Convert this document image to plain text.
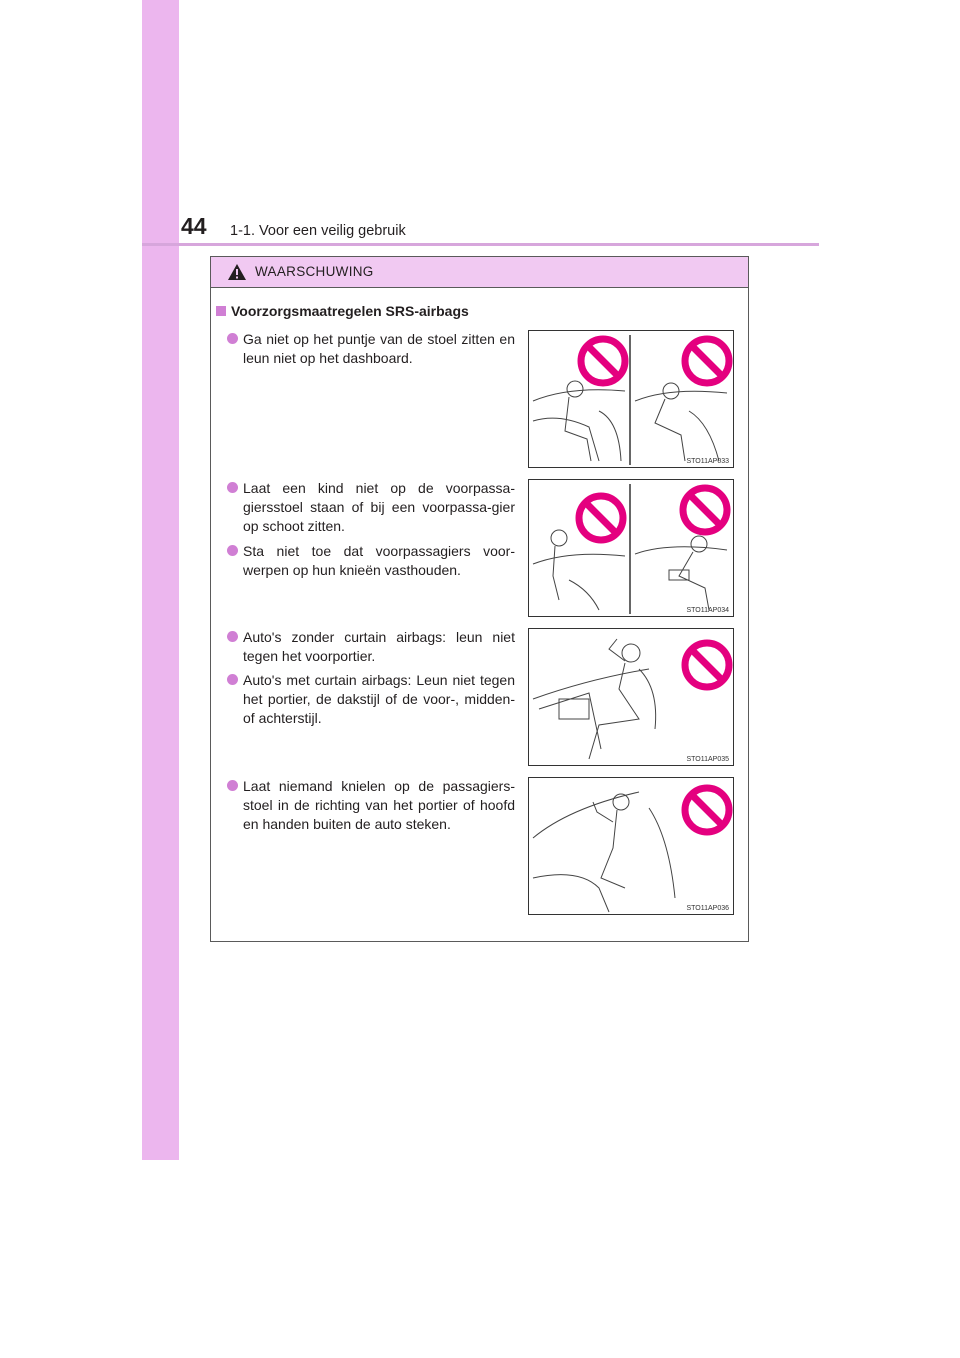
44 1-1. Voor een veilig gebruik
WAARSCHUWING
Voorzorgsmaatregelen SRS-airbags
Ga niet op het puntje van de stoel zitten en leun niet op het dashboard.
Laat een kind niet op de voorpassa-giersstoel staan of bij een voorpassa-gier op schoot zitten.
Sta niet toe dat voorpassagiers voor-werpen op hun knieën vasthouden.
Auto's zonder curtain airbags: leun niet tegen het voorportier.
Auto's met curtain airbags: Leun niet tegen het portier, de dakstijl of de voor-, midden- of achterstijl.
Laat niemand knielen op de passagiers-stoel in de richting van het portier of hoofd en handen buiten de auto steken.
STO11AP033
STO11AP034
STO11AP035
STO11AP036
